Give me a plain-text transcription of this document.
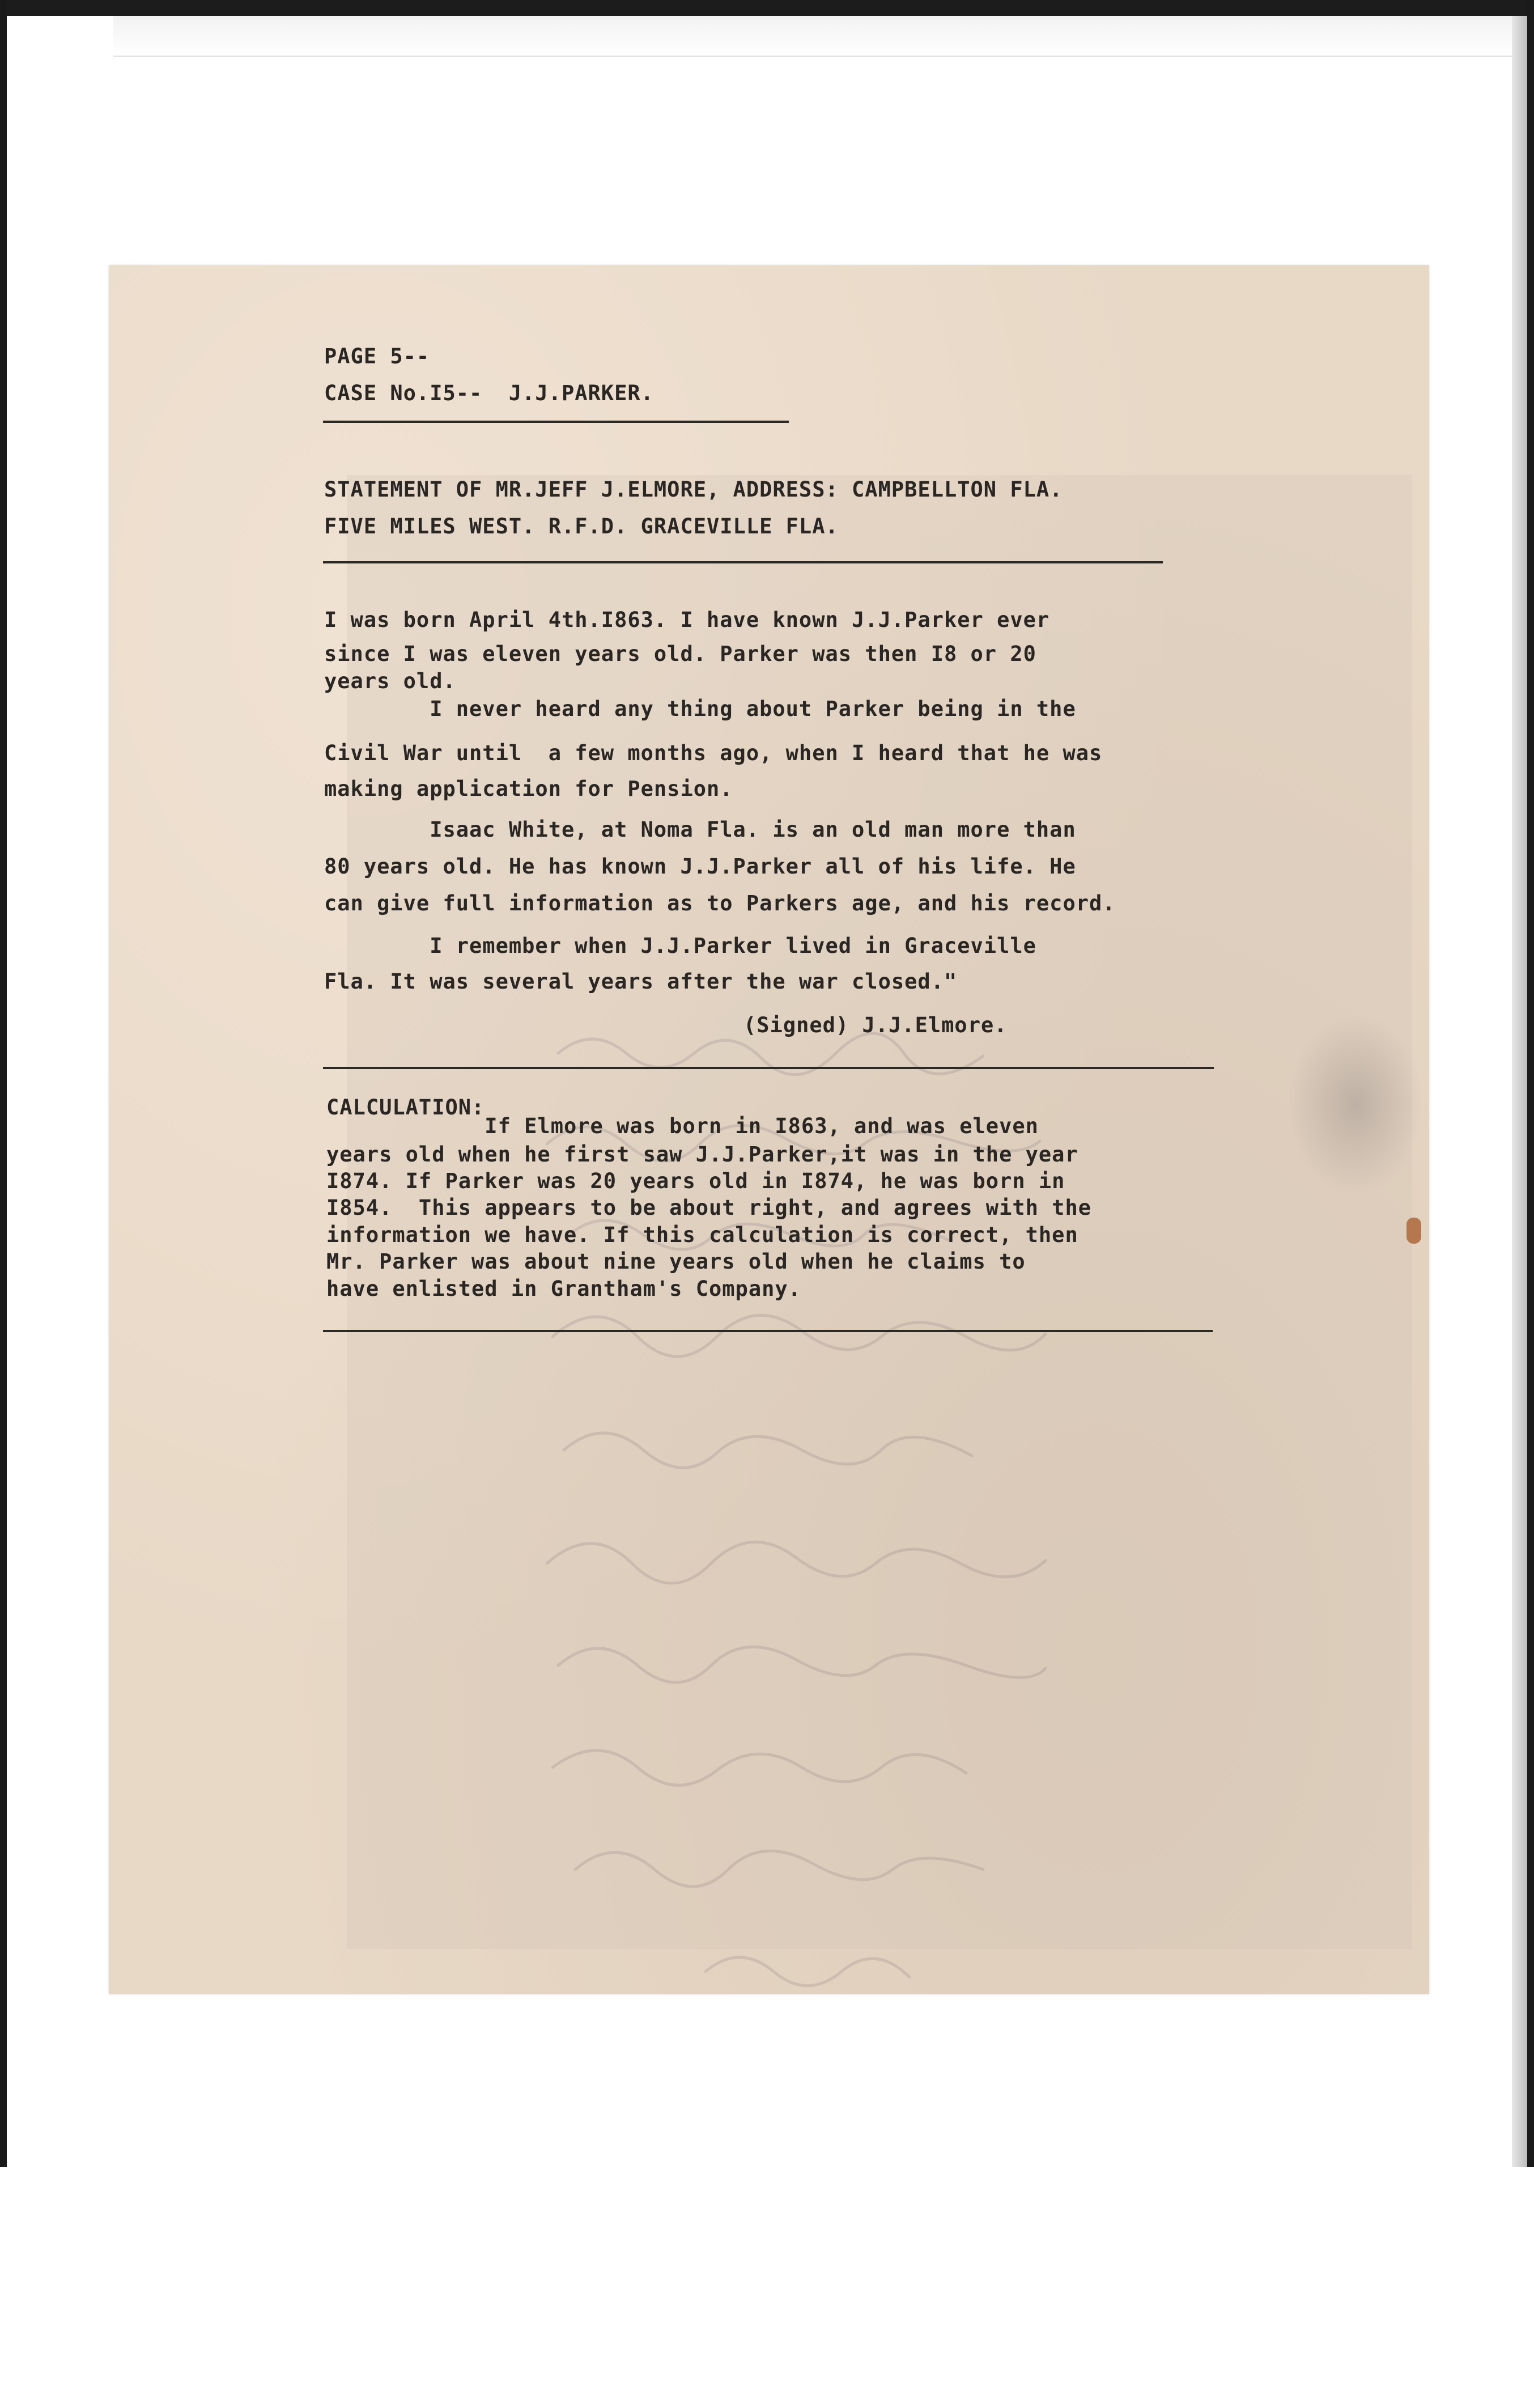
PAGE 5--
CASE No.I5--  J.J.PARKER.
STATEMENT OF MR.JEFF J.ELMORE, ADDRESS: CAMPBELLTON FLA.
FIVE MILES WEST. R.F.D. GRACEVILLE FLA.
I was born April 4th.I863. I have known J.J.Parker ever
since I was eleven years old. Parker was then I8 or 20
years old.
I never heard any thing about Parker being in the
Civil War until  a few months ago, when I heard that he was
making application for Pension.
Isaac White, at Noma Fla. is an old man more than
80 years old. He has known J.J.Parker all of his life. He
can give full information as to Parkers age, and his record.
I remember when J.J.Parker lived in Graceville
Fla. It was several years after the war closed."
(Signed) J.J.Elmore.
CALCULATION:
If Elmore was born in I863, and was eleven
years old when he first saw J.J.Parker,it was in the year
I874. If Parker was 20 years old in I874, he was born in
I854.  This appears to be about right, and agrees with the
information we have. If this calculation is correct, then
Mr. Parker was about nine years old when he claims to
have enlisted in Grantham's Company.
